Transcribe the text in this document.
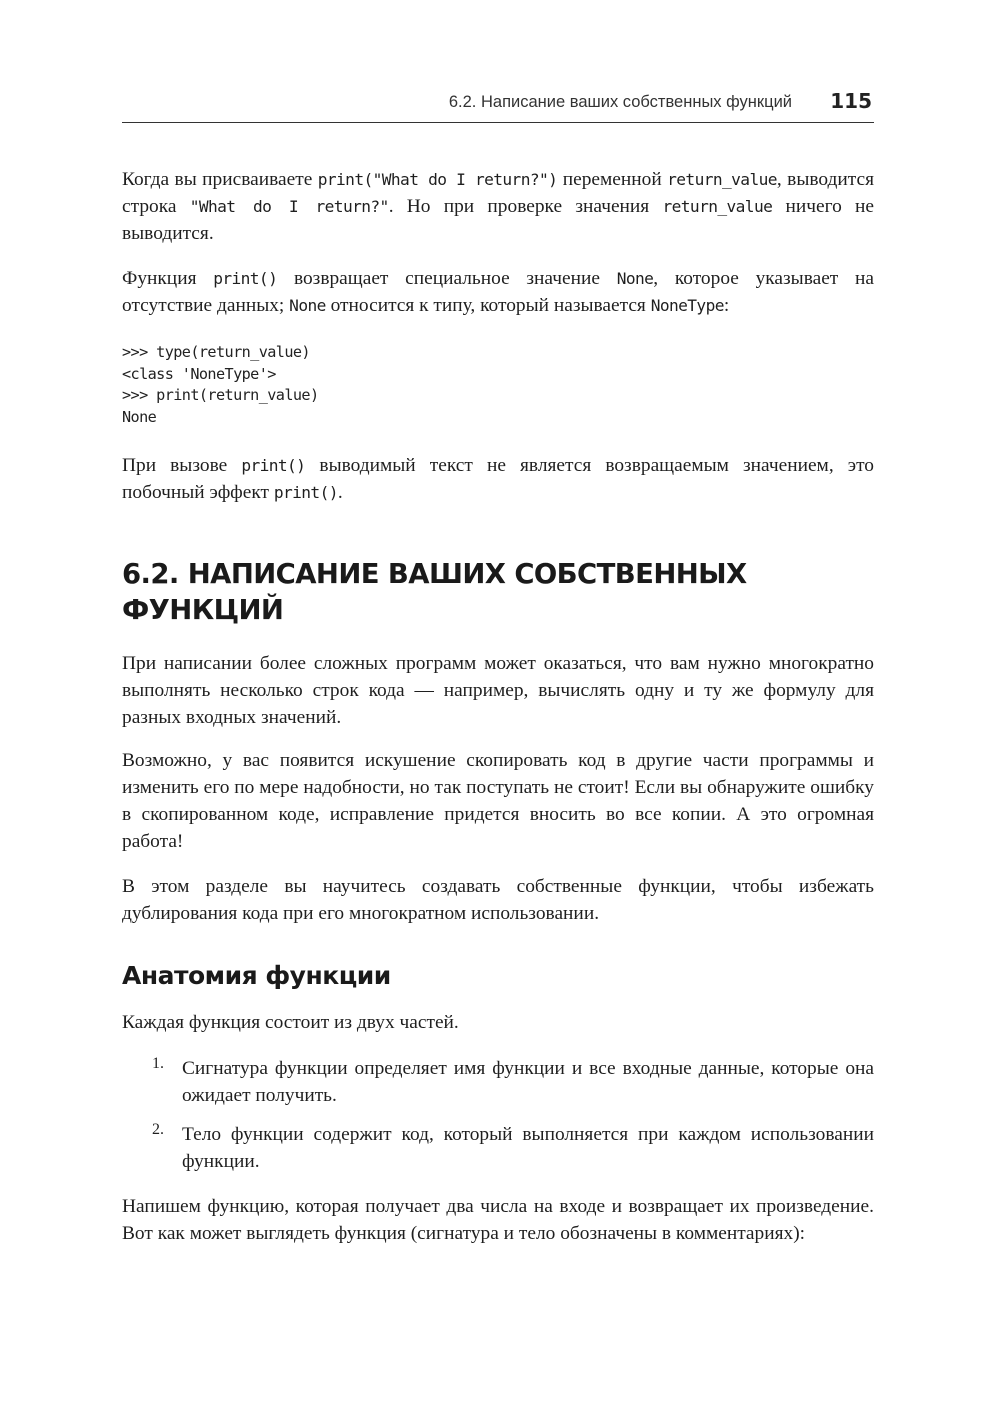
6.2. Написание ваших собственных функций 115

Когда вы присваиваете print("What do I return?") переменной return_value, выводится строка "What do I return?". Но при проверке значения return_value ничего не выводится.

Функция print() возвращает специальное значение None, которое указывает на отсутствие данных; None относится к типу, который называется NoneType:

>>> type(return_value)
<class 'NoneType'>
>>> print(return_value)
None

При вызове print() выводимый текст не является возвращаемым значением, это побочный эффект print().

6.2. НАПИСАНИЕ ВАШИХ СОБСТВЕННЫХ
ФУНКЦИЙ

При написании более сложных программ может оказаться, что вам нужно многократно выполнять несколько строк кода — например, вычислять одну и ту же формулу для разных входных значений.

Возможно, у вас появится искушение скопировать код в другие части программы и изменить его по мере надобности, но так поступать не стоит! Если вы обнаружите ошибку в скопированном коде, исправление придется вносить во все копии. А это огромная работа!

В этом разделе вы научитесь создавать собственные функции, чтобы избежать дублирования кода при его многократном использовании.

Анатомия функции

Каждая функция состоит из двух частей.

1. Сигнатура функции определяет имя функции и все входные данные, которые она ожидает получить.

2. Тело функции содержит код, который выполняется при каждом использовании функции.

Напишем функцию, которая получает два числа на входе и возвращает их произведение. Вот как может выглядеть функция (сигнатура и тело обозначены в комментариях):
